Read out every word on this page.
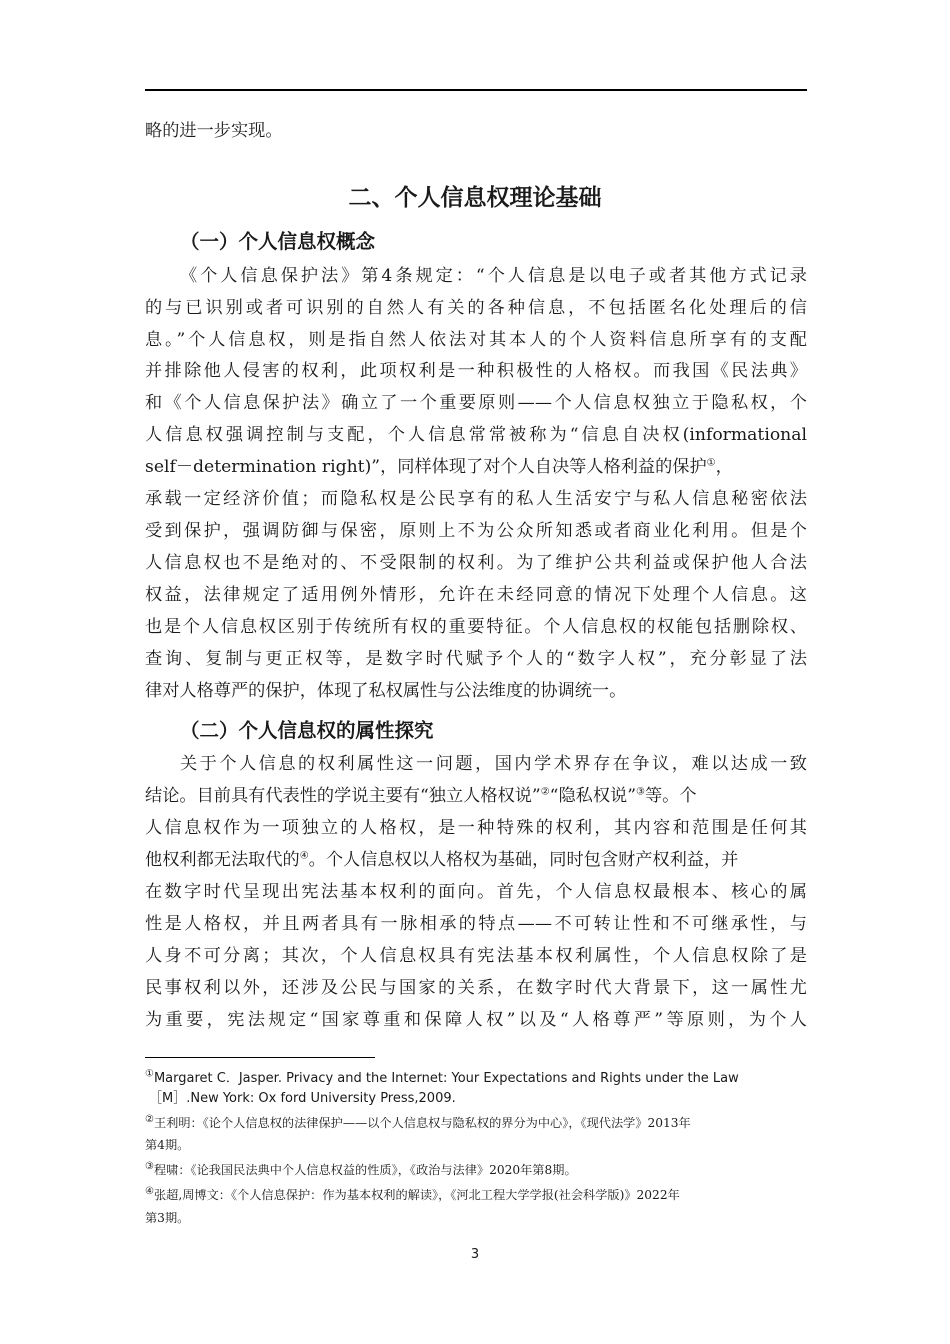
略的进一步实现。
二、个人信息权理论基础
（一）个人信息权概念
《个人信息保护法》第4条规定：“个人信息是以电子或者其他方式记录
的与已识别或者可识别的自然人有关的各种信息，不包括匿名化处理后的信
息。”个人信息权，则是指自然人依法对其本人的个人资料信息所享有的支配
并排除他人侵害的权利，此项权利是一种积极性的人格权。而我国《民法典》
和《个人信息保护法》确立了一个重要原则——个人信息权独立于隐私权，个
人信息权强调控制与支配，个人信息常常被称为“信息自决权(informational
self－determination right)”，同样体现了对个人自决等人格利益的保护①，
承载一定经济价值；而隐私权是公民享有的私人生活安宁与私人信息秘密依法
受到保护，强调防御与保密，原则上不为公众所知悉或者商业化利用。但是个
人信息权也不是绝对的、不受限制的权利。为了维护公共利益或保护他人合法
权益，法律规定了适用例外情形，允许在未经同意的情况下处理个人信息。这
也是个人信息权区别于传统所有权的重要特征。个人信息权的权能包括删除权、
查询、复制与更正权等，是数字时代赋予个人的“数字人权”，充分彰显了法
律对人格尊严的保护，体现了私权属性与公法维度的协调统一。
（二）个人信息权的属性探究
关于个人信息的权利属性这一问题，国内学术界存在争议，难以达成一致
结论。目前具有代表性的学说主要有“独立人格权说”②“隐私权说”③等。个
人信息权作为一项独立的人格权，是一种特殊的权利，其内容和范围是任何其
他权利都无法取代的④。个人信息权以人格权为基础，同时包含财产权利益，并
在数字时代呈现出宪法基本权利的面向。首先，个人信息权最根本、核心的属
性是人格权，并且两者具有一脉相承的特点——不可转让性和不可继承性，与
人身不可分离；其次，个人信息权具有宪法基本权利属性，个人信息权除了是
民事权利以外，还涉及公民与国家的关系，在数字时代大背景下，这一属性尤
为重要，宪法规定“国家尊重和保障人权”以及“人格尊严”等原则，为个人
①Margaret C．Jasper. Privacy and the Internet: Your Expectations and Rights under the Law
［M］.New York: Ox ford University Press,2009.
②王利明：《论个人信息权的法律保护——以个人信息权与隐私权的界分为中心》，《现代法学》2013年
第4期。
③程啸：《论我国民法典中个人信息权益的性质》，《政治与法律》2020年第8期。
④张超,周博文：《个人信息保护：作为基本权利的解读》，《河北工程大学学报(社会科学版)》2022年
第3期。
3
